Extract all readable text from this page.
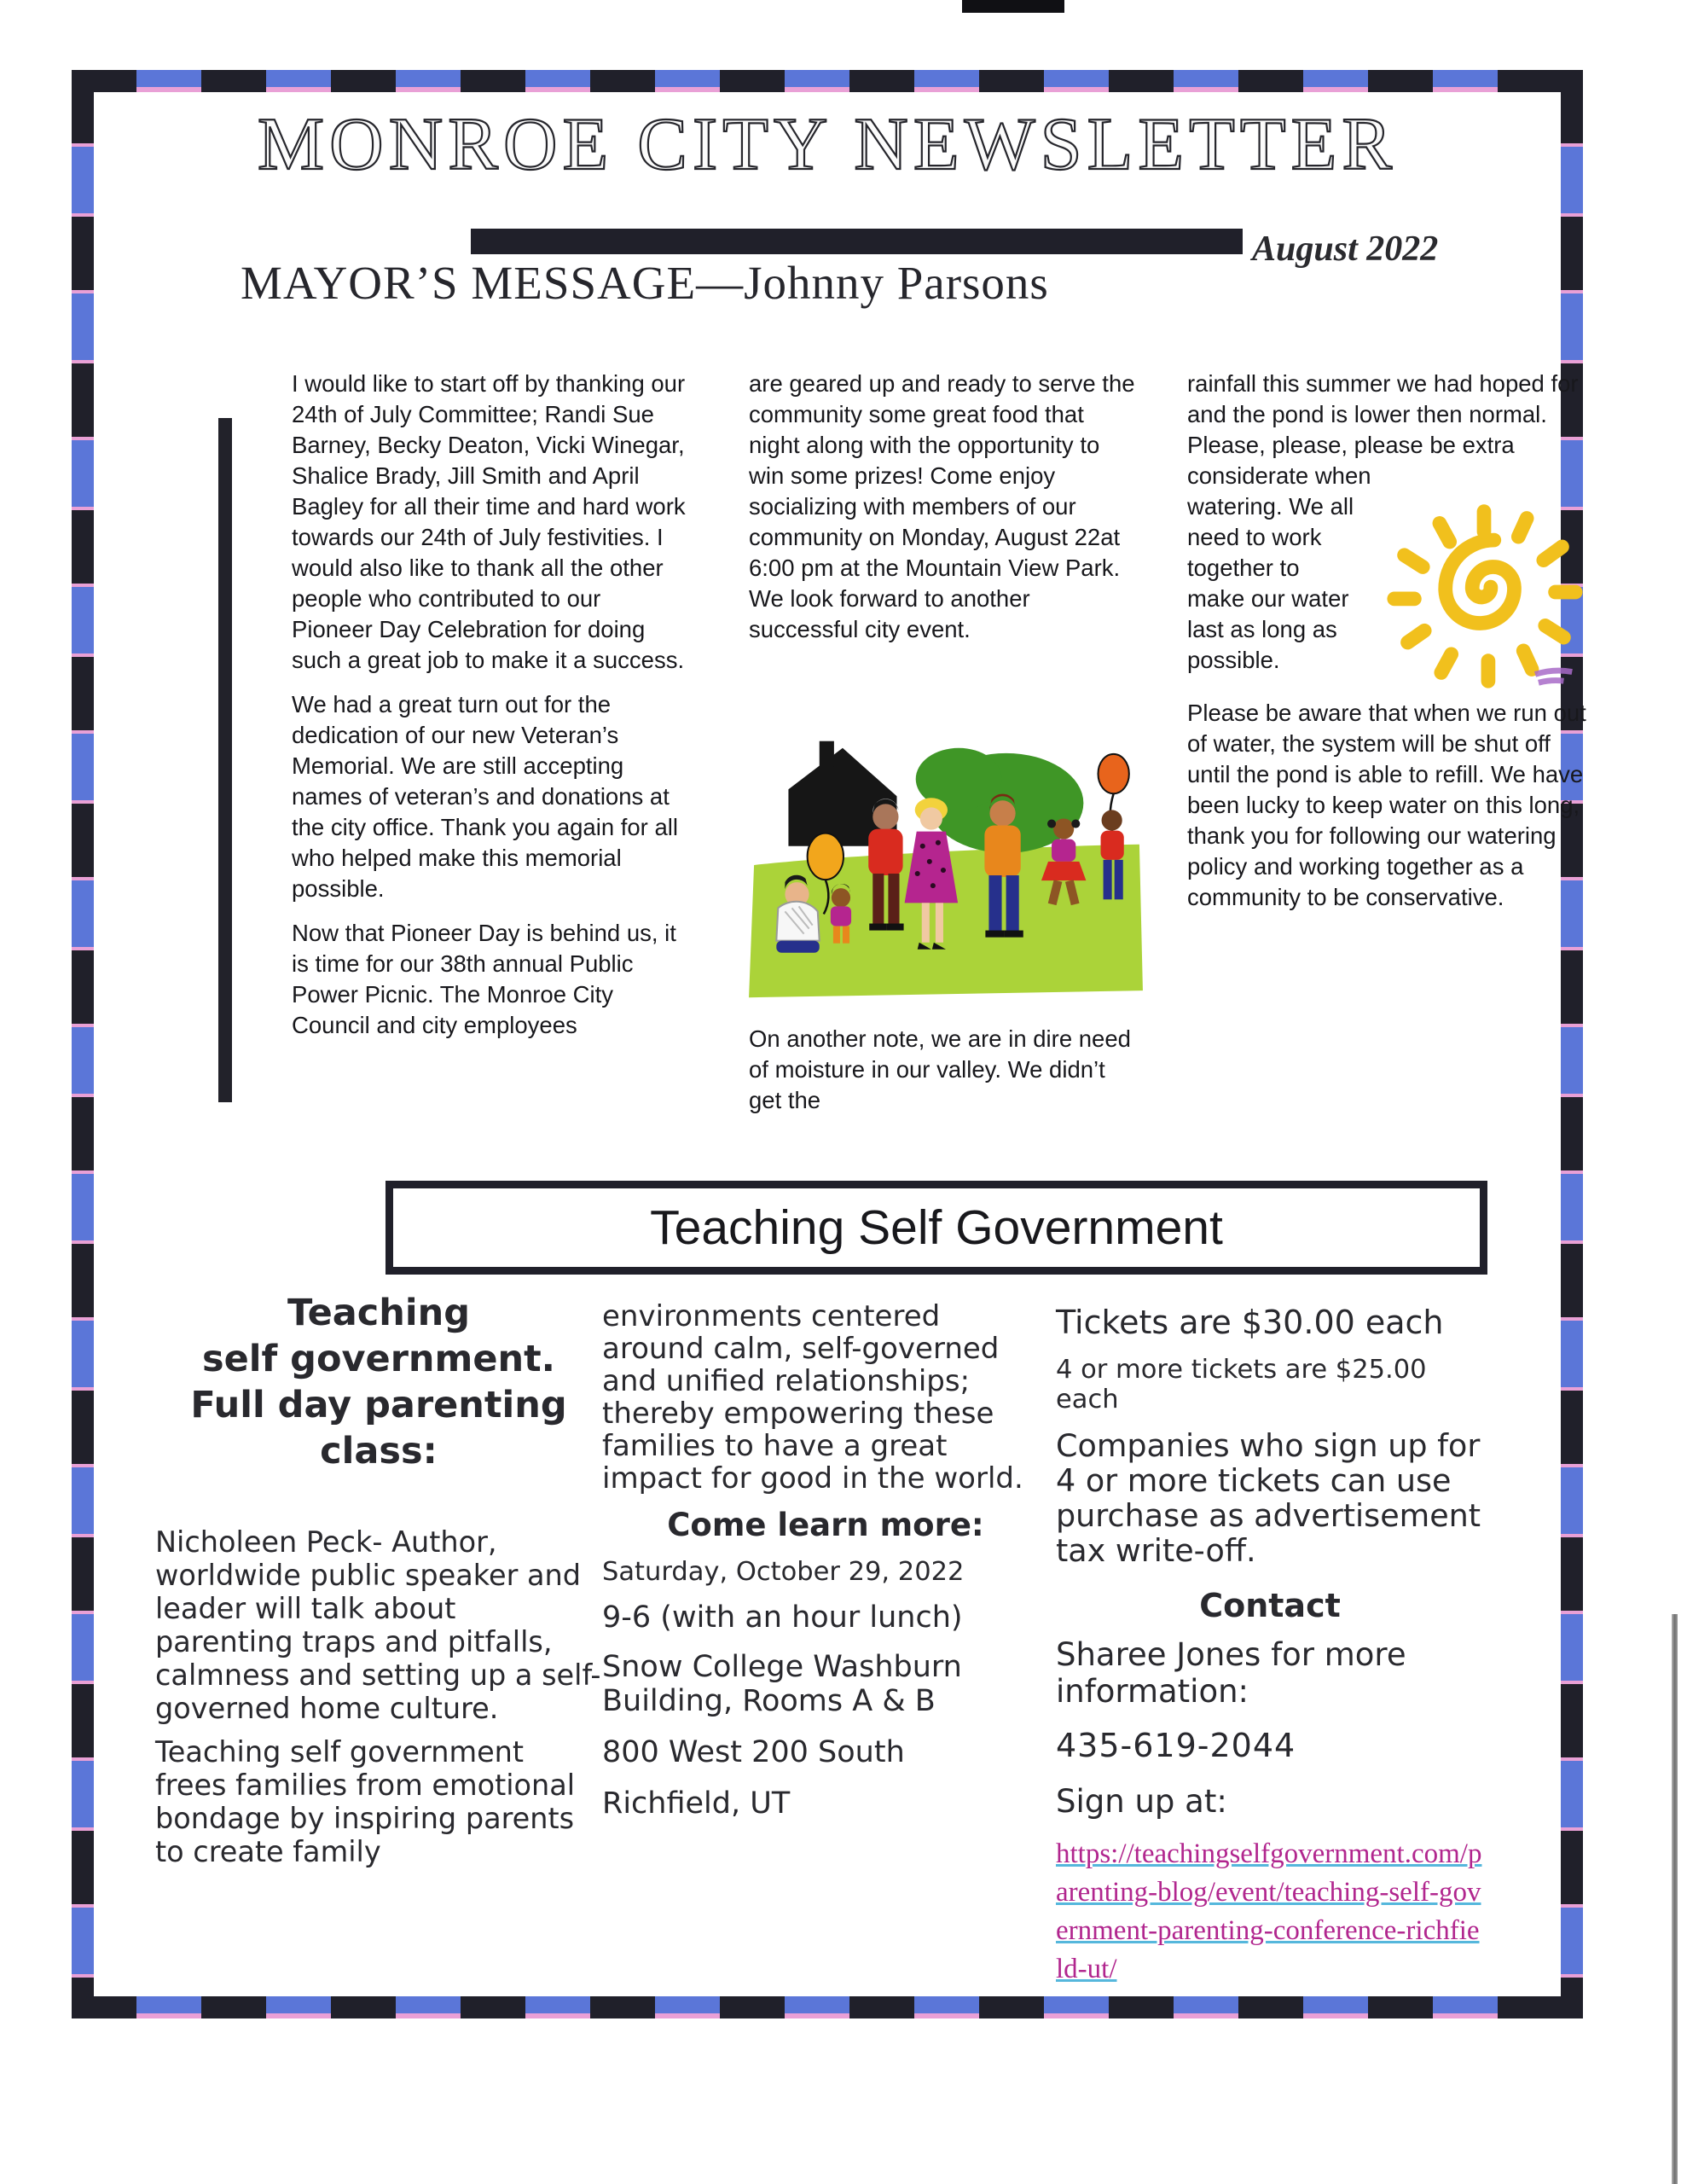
MONROE CITY NEWSLETTER
August 2022
MAYOR’S MESSAGE—Johnny Parsons

I would like to start off by thanking our 24th of July Committee; Randi Sue Barney, Becky Deaton, Vicki Winegar, Shalice Brady, Jill Smith and April Bagley for all their time and hard work towards our 24th of July festivities. I would also like to thank all the other people who contributed to our Pioneer Day Celebration for doing such a great job to make it a success.

We had a great turn out for the dedication of our new Veteran’s Memorial. We are still accepting names of veteran’s and donations at the city office. Thank you again for all who helped make this memorial possible.

Now that Pioneer Day is behind us, it is time for our 38th annual Public Power Picnic. The Monroe City Council and city employees

are geared up and ready to serve the community some great food that night along with the opportunity to win some prizes! Come enjoy socializing with members of our community on Monday, August 22at 6:00 pm at the Mountain View Park. We look forward to another successful city event.

On another note, we are in dire need of moisture in our valley. We didn’t get the

rainfall this summer we had hoped for and the pond is lower then normal. Please, please, please be extra considerate when

watering. We all need to work together to make our water last as long as possible.

Please be aware that when we run out of water, the system will be shut off until the pond is able to refill. We have been lucky to keep water on this long, thank you for following our watering policy and working together as a community to be conservative.

Teaching Self Government
Teaching
self government.
Full day parenting
class:
Nicholeen Peck- Author, worldwide public speaker and leader will talk about parenting traps and pitfalls, calmness and setting up a self-governed home culture.
Teaching self government frees families from emotional bondage by inspiring parents to create family
environments centered around calm, self-governed and unified relationships; thereby empowering these families to have a great impact for good in the world.
Come learn more:
Saturday, October 29, 2022
9-6 (with an hour lunch)
Snow College Washburn Building, Rooms A & B
800 West 200 South
Richfield, UT
Tickets are $30.00 each
4 or more tickets are $25.00 each
Companies who sign up for 4 or more tickets can use purchase as advertisement tax write-off.
Contact
Sharee Jones for more information:
435-619-2044
Sign up at:
https://teachingselfgovernment.com/parenting-blog/event/teaching-self-government-parenting-conference-richfield-ut/
